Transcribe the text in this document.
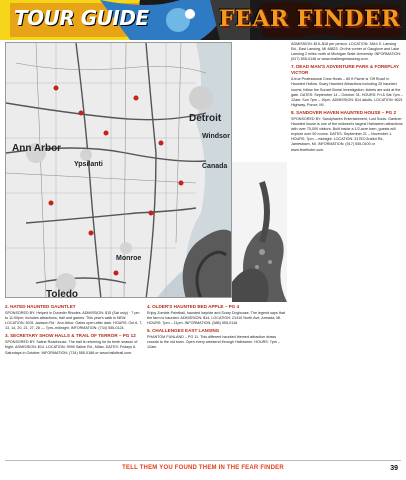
TOUR GUIDE	FEAR FINDER
Ann Arbor
Ypsilanti
Detroit
Monroe
Toledo
Canada
Windsor

ADMISSION: $15–$18 per person. LOCATION: 3844 S. Lansing Rd., East Lansing, MI 48823. On the corner of Gauglove and Lake Lansing 2 miles north of Michigan State University. INFORMATION: (517) 555-0148 or www.challengeslansing.com.

7. DEAD MAN'S ADVENTURE PARK & FOREPLAY VICTOR

A true Professional Crew Hosts – 60 ft Flame is 'Off Road' in Haunted Hollow. Scary Haunted Attractions including 25 haunted rooms; follow the Sunset Burial Investigation; tickets are sold at the gate. DATES: September 14 – October 31. HOURS: Fri & Sat 7pm – 12am; Sun 7pm – 10pm. ADMISSION: $14 adults. LOCATION: 8021 Highway, Ponce, MI.

8. SANDOVER HAVEN HAUNTED HOUSE – PG 2

SPONSORED BY: Sandyhaven Entertainment, Lost Souls. Gardner Haunted house is one of the midwest's largest Halloween attractions with over 75,000 visitors. Built inside a 1/2-acre barn, guests will explore over 50 rooms. DATES: September 21 – November 1. HOURS: 7pm – midnight. LOCATION: 31753 Gratiot Rd., Jamestown, MI. INFORMATION: (517) 555-0100 or www.fearfinder.com.

2. HATED HAUNTED GAUNTLET

SPONSORED BY: Helped in Dunedin Rhodes. ADMISSION: $15 (Sat only) · 7 pm to 11:00pm; includes attractions, trail and games. This year's walk is NEW. LOCATION: 5031 Jackson Rd · Ann Arbor. Gates open after dark. HOURS: Oct 6, 7, 13, 14, 20, 21, 27, 28 — 7pm–midnight. INFORMATION: (734) 555-0124.

3. SECRETARY SHOW HALLS & TRAIL OF TERROR – PG 12

SPONSORED BY: Saline Roadhouse. The trail is returning for its tenth season of fright. ADMISSION: $14. LOCATION: 9990 Saline Rd., Milan. DATES: Fridays & Saturdays in October. INFORMATION: (734) 555-0188 or www.halloftrail.com.

4. OLDER'S HAUNTED BED APPLE – PG 4

Enjoy Zombie Paintball, haunted hayride and Scary Doghouse. The legend says that the farm is haunted. ADMISSION: $14. LOCATION: 21410 North Ave, Armada, MI. HOURS: 7pm – 11pm. INFORMATION: (586) 555-0116.

5. CHALLENGES EAST LANSING

PHANTOM FUNLAND – PG 11. This different haunted themed attraction draws crowds to the old town. Open every weekend through Halloween. HOURS: 7pm – 12am.

TELL THEM YOU FOUND THEM IN THE FEAR FINDER	39
